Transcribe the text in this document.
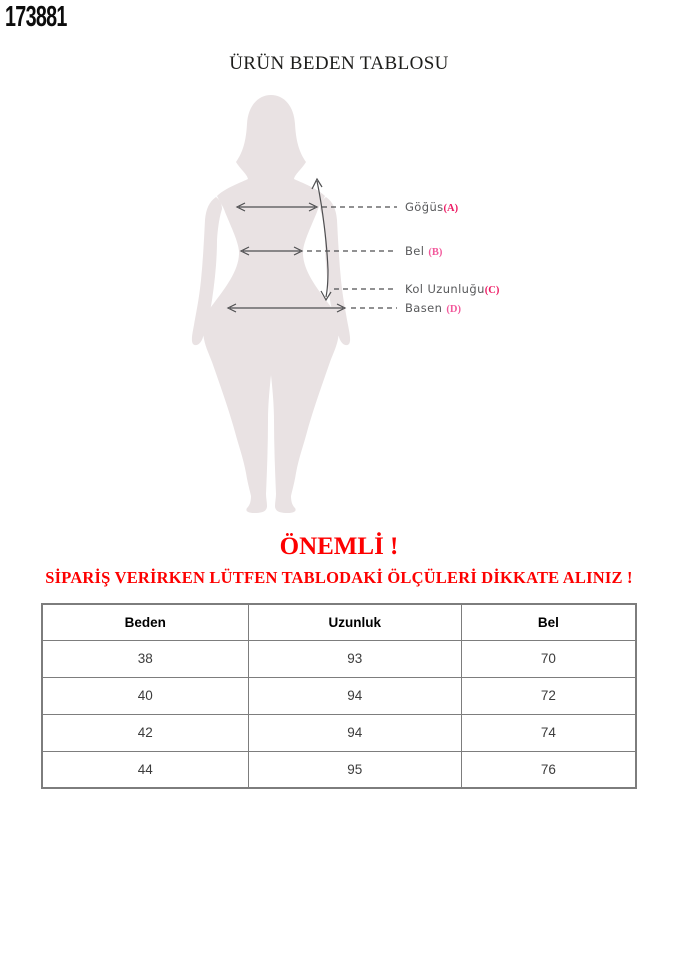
173881
ÜRÜN BEDEN TABLOSU
Göğüs(A)
Bel (B)
Kol Uzunluğu(C)
Basen (D)
ÖNEMLİ !
SİPARİŞ VERİRKEN LÜTFEN TABLODAKİ ÖLÇÜLERİ DİKKATE ALINIZ !
Beden	Uzunluk	Bel
38	93	70
40	94	72
42	94	74
44	95	76
